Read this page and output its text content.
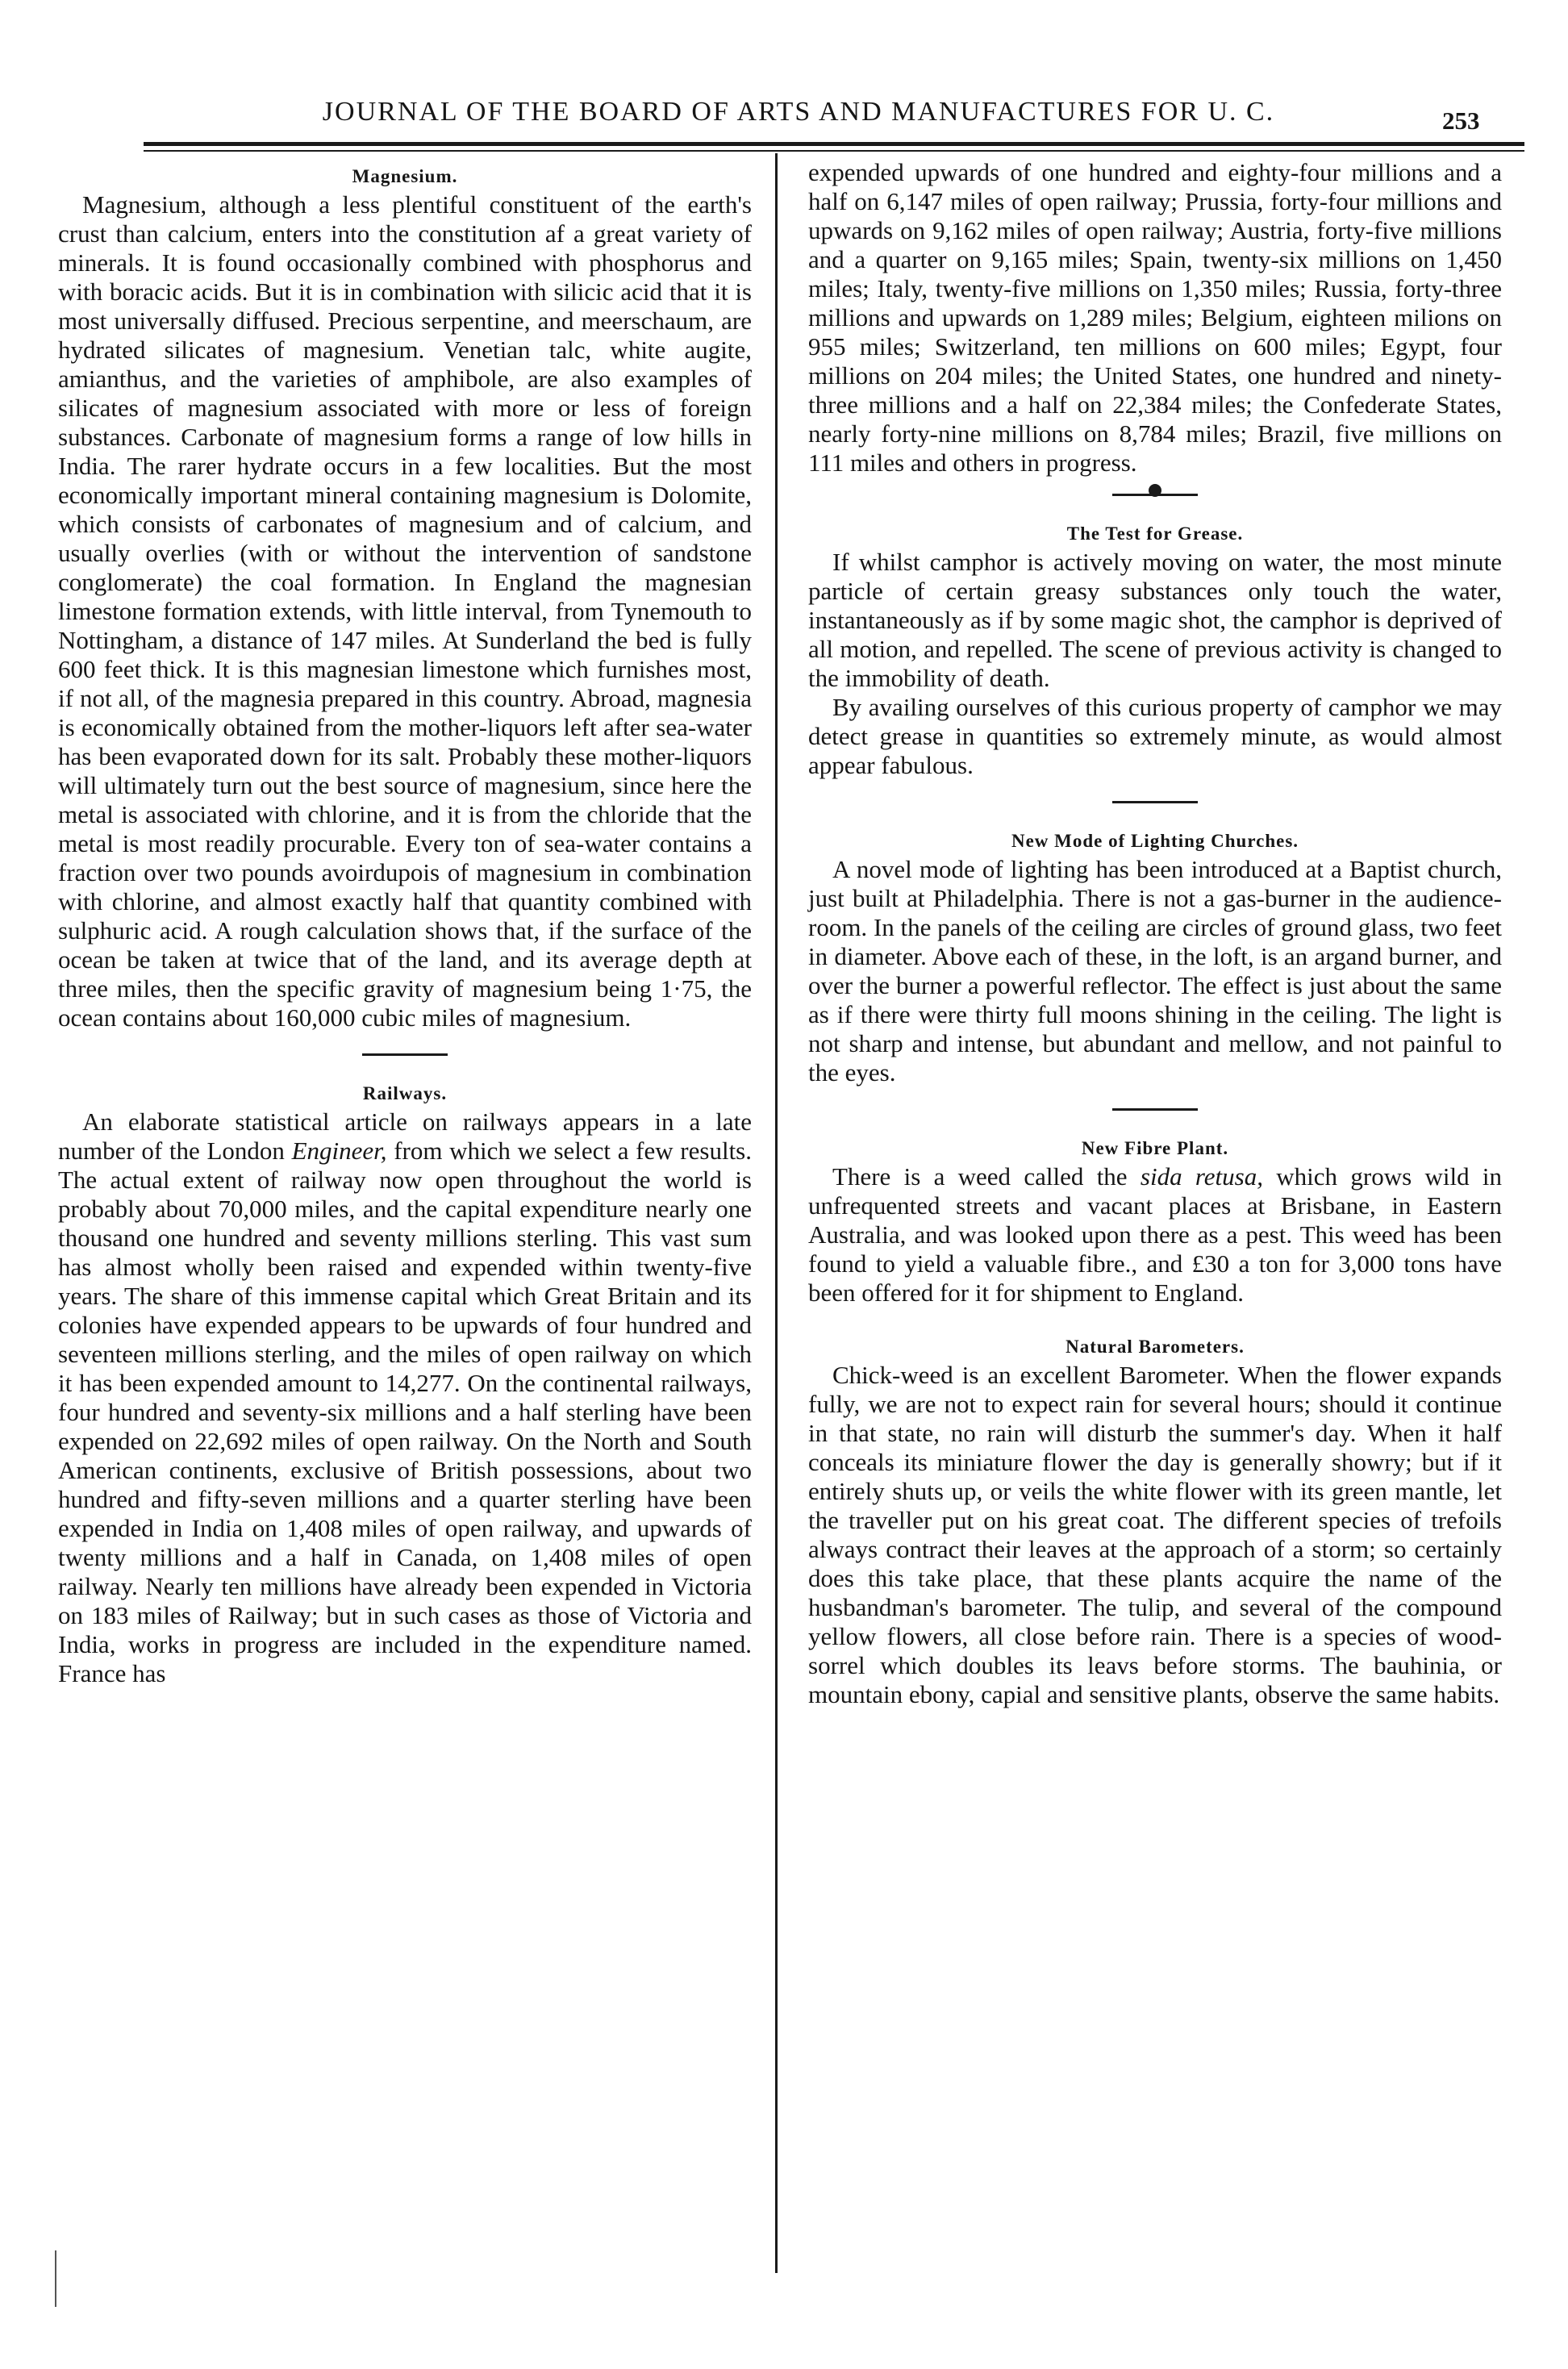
JOURNAL OF THE BOARD OF ARTS AND MANUFACTURES FOR U. C.	253
Magnesium.

Magnesium, although a less plentiful constituent of the earth's crust than calcium, enters into the constitution af a great variety of minerals. It is found occasionally combined with phosphorus and with boracic acids. But it is in combination with silicic acid that it is most universally diffused. Precious serpentine, and meerschaum, are hydrated silicates of magnesium. Venetian talc, white augite, amianthus, and the varieties of amphibole, are also examples of silicates of magnesium associated with more or less of foreign substances. Carbonate of magnesium forms a range of low hills in India. The rarer hydrate occurs in a few localities. But the most economically important mineral containing magnesium is Dolomite, which consists of carbonates of magnesium and of calcium, and usually overlies (with or without the intervention of sandstone conglomerate) the coal formation. In England the magnesian limestone formation extends, with little interval, from Tynemouth to Nottingham, a distance of 147 miles. At Sunderland the bed is fully 600 feet thick. It is this magnesian limestone which furnishes most, if not all, of the magnesia prepared in this country. Abroad, magnesia is economically obtained from the mother-liquors left after sea-water has been evaporated down for its salt. Probably these mother-liquors will ultimately turn out the best source of magnesium, since here the metal is associated with chlorine, and it is from the chloride that the metal is most readily procurable. Every ton of sea-water contains a fraction over two pounds avoirdupois of magnesium in combination with chlorine, and almost exactly half that quantity combined with sulphuric acid. A rough calculation shows that, if the surface of the ocean be taken at twice that of the land, and its average depth at three miles, then the specific gravity of magnesium being 1·75, the ocean contains about 160,000 cubic miles of magnesium.

Railways.

An elaborate statistical article on railways appears in a late number of the London Engineer, from which we select a few results. The actual extent of railway now open throughout the world is probably about 70,000 miles, and the capital expenditure nearly one thousand one hundred and seventy millions sterling. This vast sum has almost wholly been raised and expended within twenty-five years. The share of this immense capital which Great Britain and its colonies have expended appears to be upwards of four hundred and seventeen millions sterling, and the miles of open railway on which it has been expended amount to 14,277. On the continental railways, four hundred and seventy-six millions and a half sterling have been expended on 22,692 miles of open railway. On the North and South American continents, exclusive of British possessions, about two hundred and fifty-seven millions and a quarter sterling have been expended in India on 1,408 miles of open railway, and upwards of twenty millions and a half in Canada, on 1,408 miles of open railway. Nearly ten millions have already been expended in Victoria on 183 miles of Railway; but in such cases as those of Victoria and India, works in progress are included in the expenditure named. France has

expended upwards of one hundred and eighty-four millions and a half on 6,147 miles of open railway; Prussia, forty-four millions and upwards on 9,162 miles of open railway; Austria, forty-five millions and a quarter on 9,165 miles; Spain, twenty-six millions on 1,450 miles; Italy, twenty-five millions on 1,350 miles; Russia, forty-three millions and upwards on 1,289 miles; Belgium, eighteen milions on 955 miles; Switzerland, ten millions on 600 miles; Egypt, four millions on 204 miles; the United States, one hundred and ninety-three millions and a half on 22,384 miles; the Confederate States, nearly forty-nine millions on 8,784 miles; Brazil, five millions on 111 miles and others in progress.

The Test for Grease.

If whilst camphor is actively moving on water, the most minute particle of certain greasy substances only touch the water, instantaneously as if by some magic shot, the camphor is deprived of all motion, and repelled. The scene of previous activity is changed to the immobility of death.

By availing ourselves of this curious property of camphor we may detect grease in quantities so extremely minute, as would almost appear fabulous.

New Mode of Lighting Churches.

A novel mode of lighting has been introduced at a Baptist church, just built at Philadelphia. There is not a gas-burner in the audience-room. In the panels of the ceiling are circles of ground glass, two feet in diameter. Above each of these, in the loft, is an argand burner, and over the burner a powerful reflector. The effect is just about the same as if there were thirty full moons shining in the ceiling. The light is not sharp and intense, but abundant and mellow, and not painful to the eyes.

New Fibre Plant.

There is a weed called the sida retusa, which grows wild in unfrequented streets and vacant places at Brisbane, in Eastern Australia, and was looked upon there as a pest. This weed has been found to yield a valuable fibre., and £30 a ton for 3,000 tons have been offered for it for shipment to England.

Natural Barometers.

Chick-weed is an excellent Barometer. When the flower expands fully, we are not to expect rain for several hours; should it continue in that state, no rain will disturb the summer's day. When it half conceals its miniature flower the day is generally showry; but if it entirely shuts up, or veils the white flower with its green mantle, let the traveller put on his great coat. The different species of trefoils always contract their leaves at the approach of a storm; so certainly does this take place, that these plants acquire the name of the husbandman's barometer. The tulip, and several of the compound yellow flowers, all close before rain. There is a species of wood-sorrel which doubles its leavs before storms. The bauhinia, or mountain ebony, capial and sensitive plants, observe the same habits.
